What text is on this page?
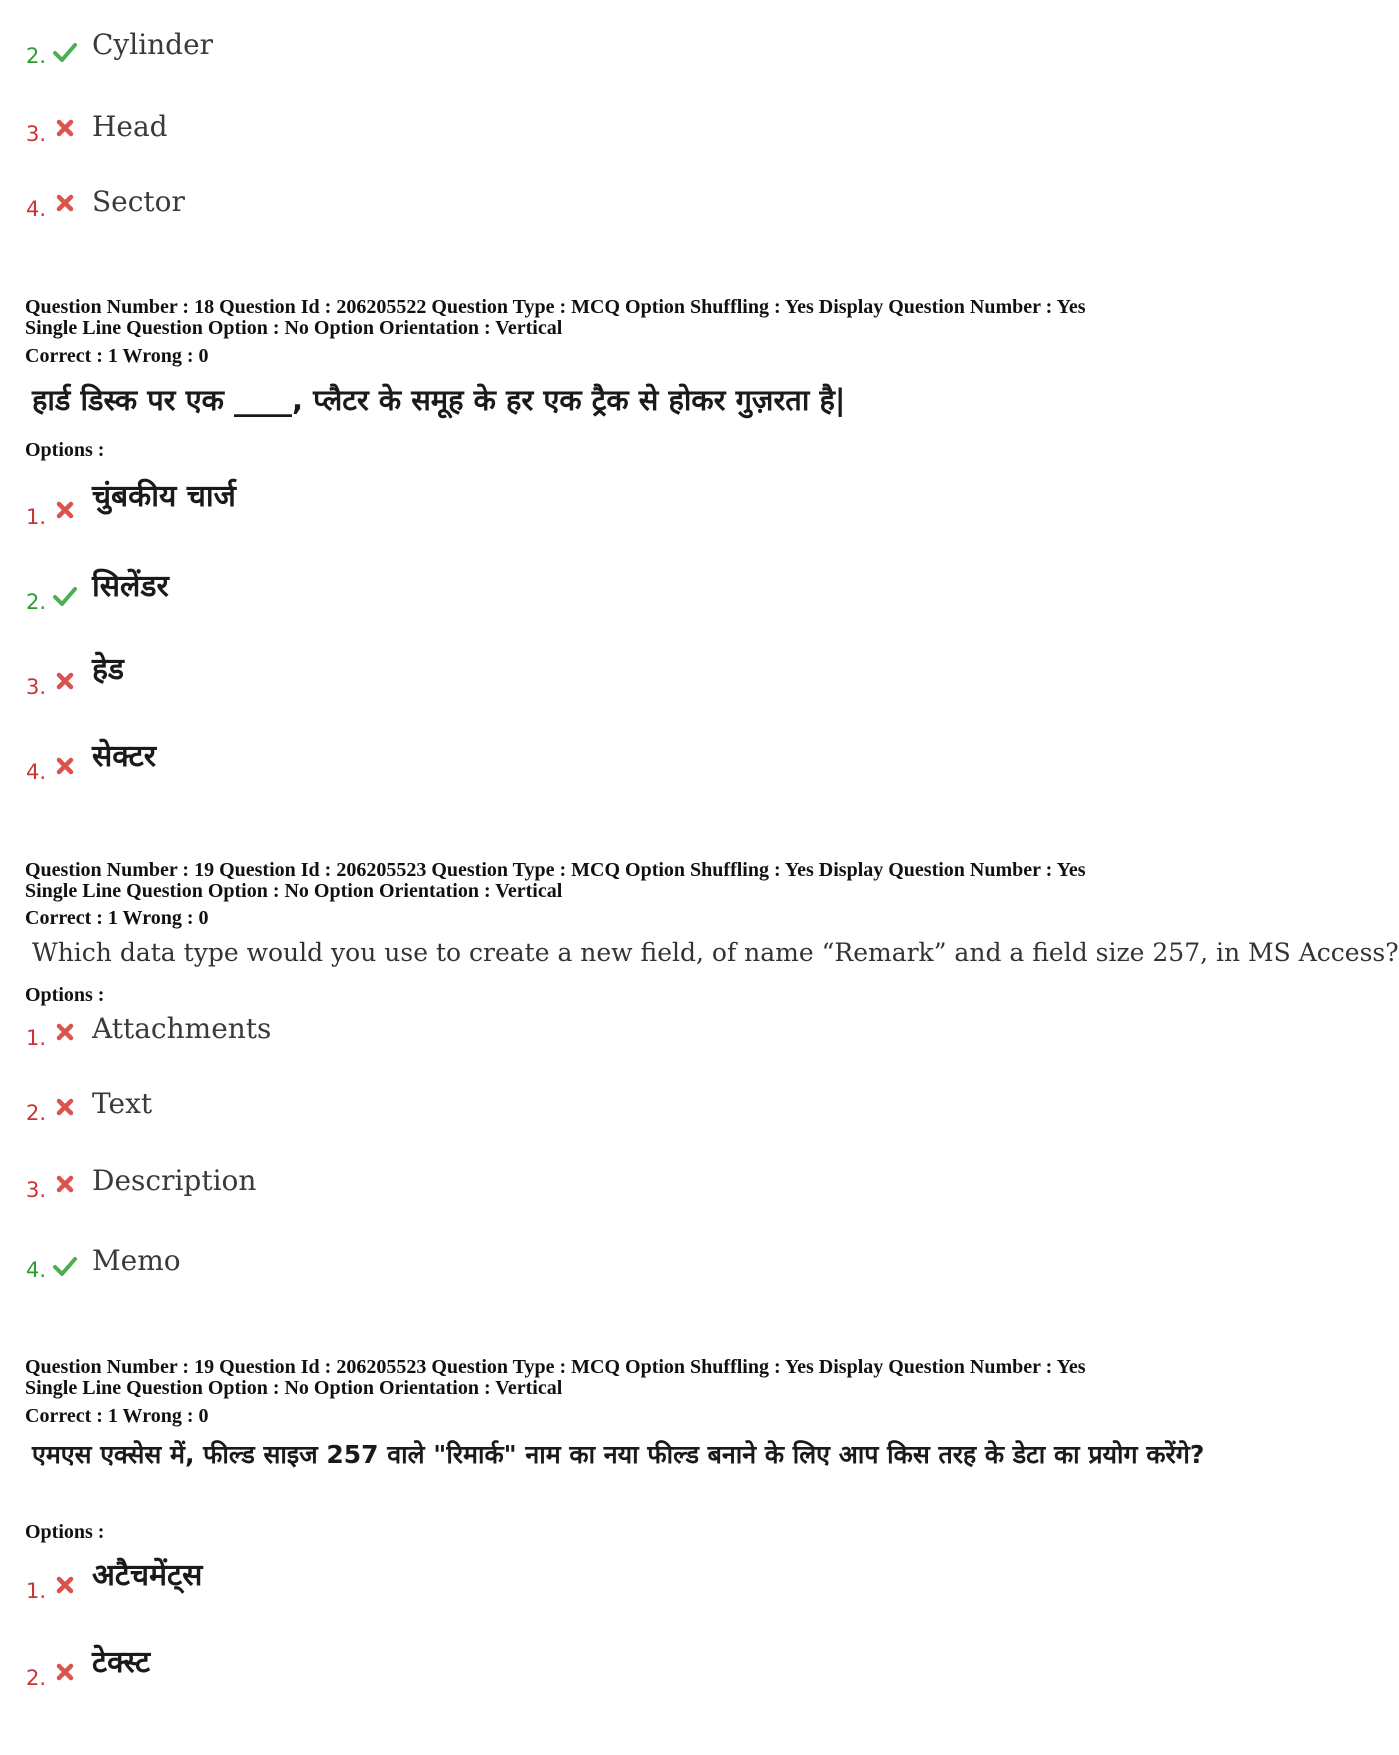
2. Cylinder
3. Head
4. Sector
Question Number : 18 Question Id : 206205522 Question Type : MCQ Option Shuffling : Yes Display Question Number : Yes
Single Line Question Option : No Option Orientation : Vertical
Correct : 1 Wrong : 0
हार्ड डिस्क पर एक ____, प्लैटर के समूह के हर एक ट्रैक से होकर गुज़रता है|
Options :
1.
चुंबकीय चार्ज
2. सिलेंडर
3. हेड
4. सेक्टर
Question Number : 19 Question Id : 206205523 Question Type : MCQ Option Shuffling : Yes Display Question Number : Yes
Single Line Question Option : No Option Orientation : Vertical
Correct : 1 Wrong : 0
Which data type would you use to create a new field, of name “Remark” and a field size 257, in MS Access?
Options :
1. Attachments
2. Text
3. Description
4. Memo
Question Number : 19 Question Id : 206205523 Question Type : MCQ Option Shuffling : Yes Display Question Number : Yes
Single Line Question Option : No Option Orientation : Vertical
Correct : 1 Wrong : 0
एमएस एक्सेस में, फील्ड साइज 257 वाले "रिमार्क" नाम का नया फील्ड बनाने के लिए आप किस तरह के डेटा का प्रयोग करेंगे?
Options :
1. अटैचमेंट्स
2. टेक्स्ट
